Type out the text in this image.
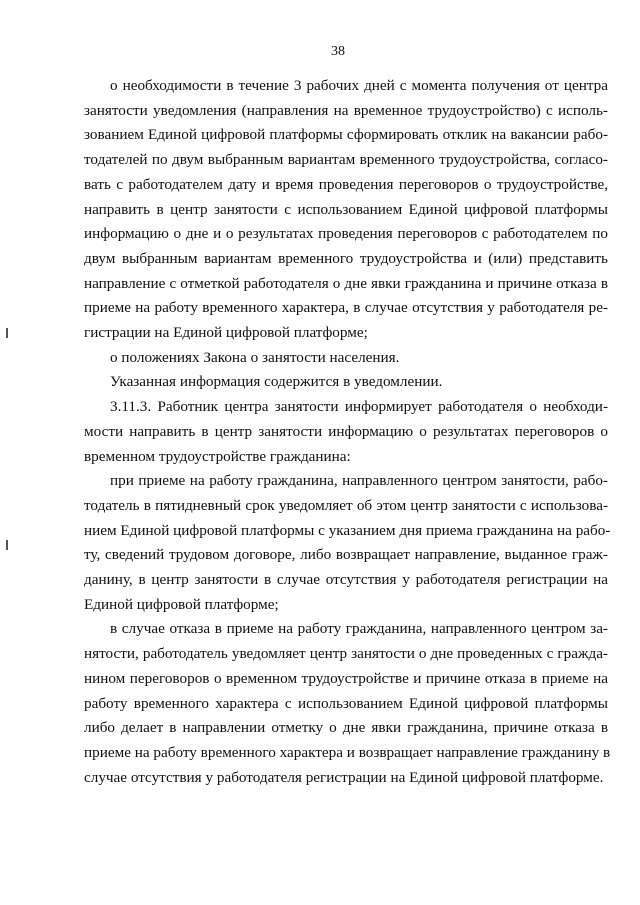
38
о необходимости в течение 3 рабочих дней с момента получения от центра
занятости уведомления (направления на временное трудоустройство) с исполь-
зованием Единой цифровой платформы сформировать отклик на вакансии рабо-
тодателей по двум выбранным вариантам временного трудоустройства, согласо-
вать с работодателем дату и время проведения переговоров о трудоустройстве,
направить в центр занятости с использованием Единой цифровой платформы
информацию о дне и о результатах проведения переговоров с работодателем по
двум выбранным вариантам временного трудоустройства и (или) представить
направление с отметкой работодателя о дне явки гражданина и причине отказа в
приеме на работу временного характера, в случае отсутствия у работодателя ре-
гистрации на Единой цифровой платформе;
о положениях Закона о занятости населения.
Указанная информация содержится в уведомлении.
3.11.3. Работник центра занятости информирует работодателя о необходи-
мости направить в центр занятости информацию о результатах переговоров о
временном трудоустройстве гражданина:
при приеме на работу гражданина, направленного центром занятости, рабо-
тодатель в пятидневный срок уведомляет об этом центр занятости с использова-
нием Единой цифровой платформы с указанием дня приема гражданина на рабо-
ту, сведений трудовом договоре, либо возвращает направление, выданное граж-
данину, в центр занятости в случае отсутствия у работодателя регистрации на
Единой цифровой платформе;
в случае отказа в приеме на работу гражданина, направленного центром за-
нятости, работодатель уведомляет центр занятости о дне проведенных с гражда-
нином переговоров о временном трудоустройстве и причине отказа в приеме на
работу временного характера с использованием Единой цифровой платформы
либо делает в направлении отметку о дне явки гражданина, причине отказа в
приеме на работу временного характера и возвращает направление гражданину в
случае отсутствия у работодателя регистрации на Единой цифровой платформе.
